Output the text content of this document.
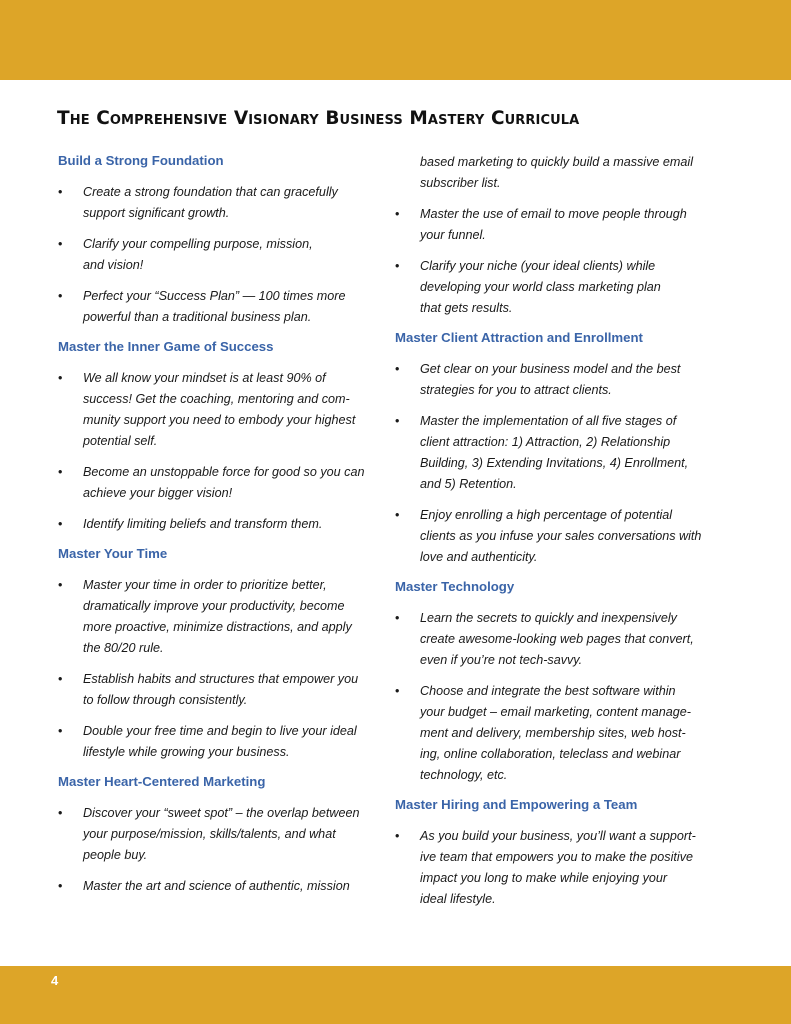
The Comprehensive Visionary Business Mastery Curricula
Build a Strong Foundation
• Create a strong foundation that can gracefully
support significant growth.
• Clarify your compelling purpose, mission,
and vision!
• Perfect your “Success Plan” — 100 times more
powerful than a traditional business plan.
Master the Inner Game of Success
• We all know your mindset is at least 90% of
success! Get the coaching, mentoring and com-
munity support you need to embody your highest
potential self.
• Become an unstoppable force for good so you can
achieve your bigger vision!
• Identify limiting beliefs and transform them.
Master Your Time
• Master your time in order to prioritize better,
dramatically improve your productivity, become
more proactive, minimize distractions, and apply
the 80/20 rule.
• Establish habits and structures that empower you
to follow through consistently.
• Double your free time and begin to live your ideal
lifestyle while growing your business.
Master Heart-Centered Marketing
• Discover your “sweet spot” – the overlap between
your purpose/mission, skills/talents, and what
people buy.
• Master the art and science of authentic, mission
based marketing to quickly build a massive email
subscriber list.
• Master the use of email to move people through
your funnel.
• Clarify your niche (your ideal clients) while
developing your world class marketing plan
that gets results.
Master Client Attraction and Enrollment
• Get clear on your business model and the best
strategies for you to attract clients.
• Master the implementation of all five stages of
client attraction: 1) Attraction, 2) Relationship
Building, 3) Extending Invitations, 4) Enrollment,
and 5) Retention.
• Enjoy enrolling a high percentage of potential
clients as you infuse your sales conversations with
love and authenticity.
Master Technology
• Learn the secrets to quickly and inexpensively
create awesome-looking web pages that convert,
even if you’re not tech-savvy.
• Choose and integrate the best software within
your budget – email marketing, content manage-
ment and delivery, membership sites, web host-
ing, online collaboration, teleclass and webinar
technology, etc.
Master Hiring and Empowering a Team
• As you build your business, you’ll want a support-
ive team that empowers you to make the positive
impact you long to make while enjoying your
ideal lifestyle.
4
